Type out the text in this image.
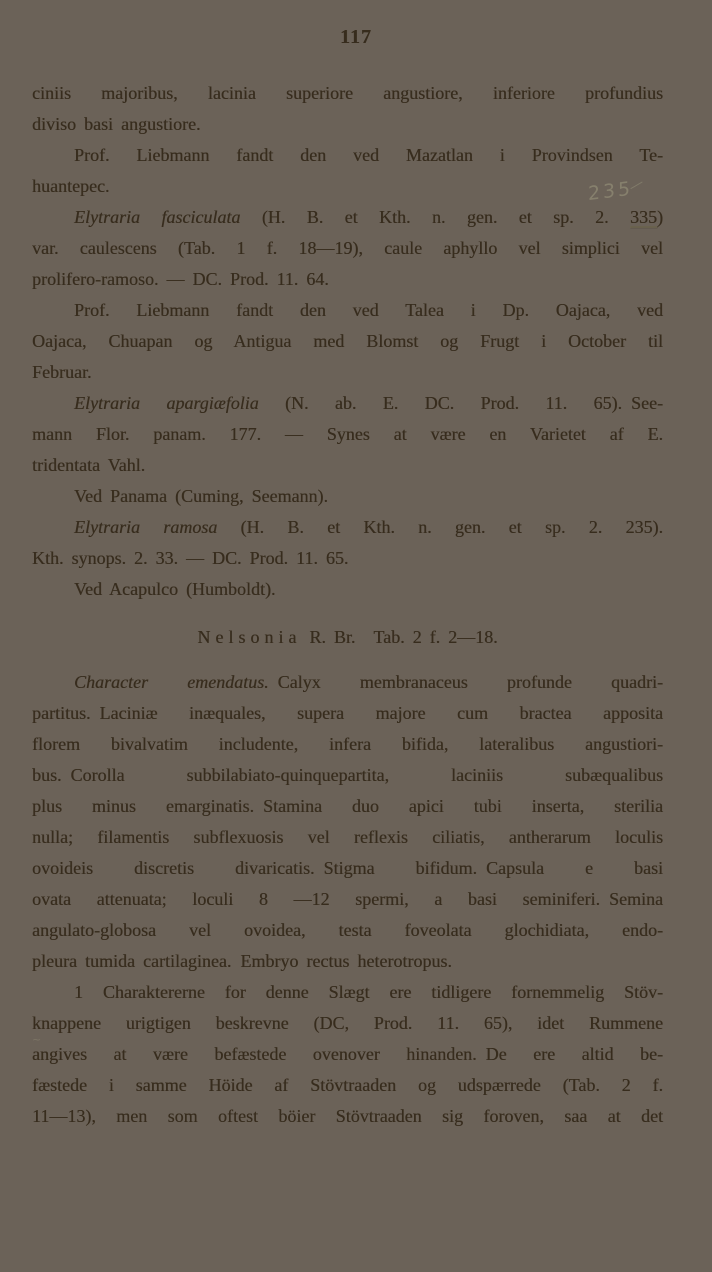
117
ciniis majoribus, lacinia superiore angustiore, inferiore profundius
diviso basi angustiore.
Prof. Liebmann fandt den ved Mazatlan i Provindsen Te-
huantepec.
Elytraria fasciculata (H. B. et Kth. n. gen. et sp. 2. 335)
235
var. caulescens (Tab. 1 f. 18—19), caule aphyllo vel simplici vel
prolifero-ramoso. — DC. Prod. 11. 64.
Prof. Liebmann fandt den ved Talea i Dp. Oajaca, ved
Oajaca, Chuapan og Antigua med Blomst og Frugt i October til
Februar.
Elytraria apargiæfolia (N. ab. E. DC. Prod. 11. 65). See-
mann Flor. panam. 177. — Synes at være en Varietet af E.
tridentata Vahl.
Ved Panama (Cuming, Seemann).
Elytraria ramosa (H. B. et Kth. n. gen. et sp. 2. 235).
Kth. synops. 2. 33. — DC. Prod. 11. 65.
Ved Acapulco (Humboldt).
Nelsonia R. Br. Tab. 2 f. 2—18.
Character emendatus. Calyx membranaceus profunde quadri-
partitus. Laciniæ inæquales, supera majore cum bractea apposita
florem bivalvatim includente, infera bifida, lateralibus angustiori-
bus. Corolla subbilabiato-quinquepartita, laciniis subæqualibus
plus minus emarginatis. Stamina duo apici tubi inserta, sterilia
nulla; filamentis subflexuosis vel reflexis ciliatis, antherarum loculis
ovoideis discretis divaricatis. Stigma bifidum. Capsula e basi
ovata attenuata; loculi 8 —12 spermi, a basi seminiferi. Semina
angulato-globosa vel ovoidea, testa foveolata glochidiata, endo-
pleura tumida cartilaginea. Embryo rectus heterotropus.
1 Charaktererne for denne Slægt ere tidligere fornemmelig Stöv-
knappene urigtigen beskrevne (DC, Prod. 11. 65), idet Rummene
angives at være befæstede ovenover hinanden. De ere altid be-
~
fæstede i samme Höide af Stövtraaden og udspærrede (Tab. 2 f.
11—13), men som oftest böier Stövtraaden sig foroven, saa at det
